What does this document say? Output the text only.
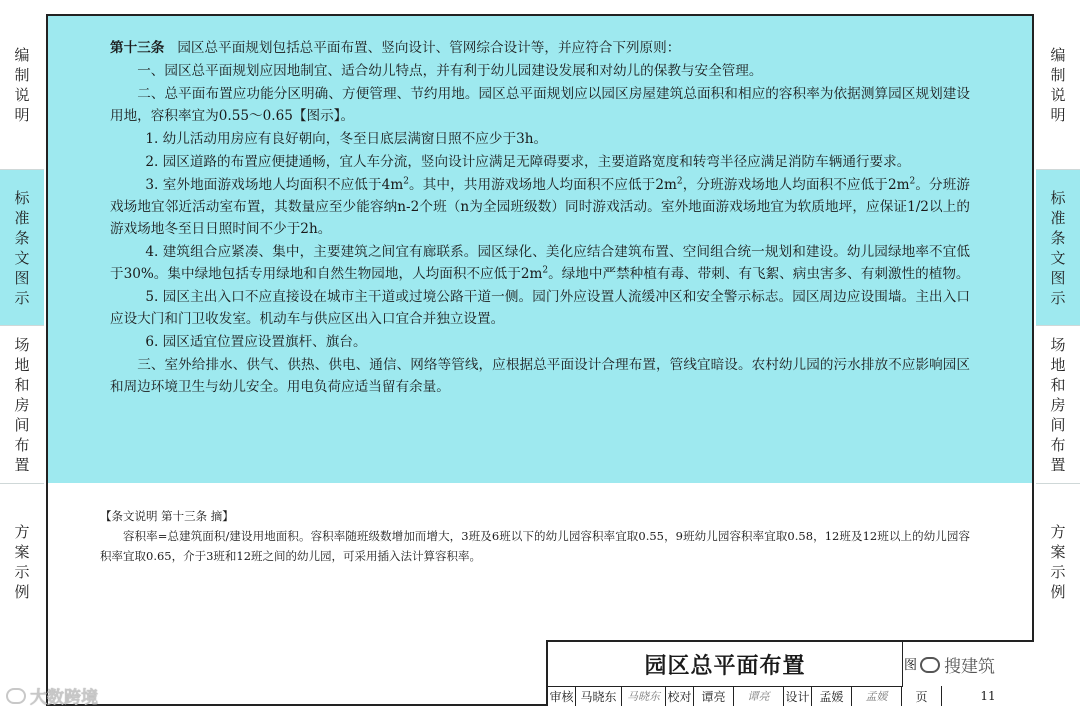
编制说明
标准条文图示
场地和房间布置
方案示例
编制说明
标准条文图示
场地和房间布置
方案示例

第十三条 园区总平面规划包括总平面布置、竖向设计、管网综合设计等，并应符合下列原则：

一、园区总平面规划应因地制宜、适合幼儿特点，并有利于幼儿园建设发展和对幼儿的保教与安全管理。

二、总平面布置应功能分区明确、方便管理、节约用地。园区总平面规划应以园区房屋建筑总面积和相应的容积率为依据测算园区规划建设用地，容积率宜为0.55～0.65【图示】。

1. 幼儿活动用房应有良好朝向，冬至日底层满窗日照不应少于3h。

2. 园区道路的布置应便捷通畅，宜人车分流，竖向设计应满足无障碍要求，主要道路宽度和转弯半径应满足消防车辆通行要求。

3. 室外地面游戏场地人均面积不应低于$4m^2$。其中，共用游戏场地人均面积不应低于$2m^2$，分班游戏场地人均面积不应低于$2m^2$。分班游戏场地宜邻近活动室布置，其数量应至少能容纳n-2个班（n为全园班级数）同时游戏活动。室外地面游戏场地宜为软质地坪，应保证1/2以上的游戏场地冬至日日照时间不少于2h。

4. 建筑组合应紧凑、集中，主要建筑之间宜有廊联系。园区绿化、美化应结合建筑布置、空间组合统一规划和建设。幼儿园绿地率不宜低于30%。集中绿地包括专用绿地和自然生物园地，人均面积不应低于$2m^2$。绿地中严禁种植有毒、带刺、有飞絮、病虫害多、有刺激性的植物。

5. 园区主出入口不应直接设在城市主干道或过境公路干道一侧。园门外应设置人流缓冲区和安全警示标志。园区周边应设围墙。主出入口应设大门和门卫收发室。机动车与供应区出入口宜合并独立设置。

6. 园区适宜位置应设置旗杆、旗台。

三、室外给排水、供气、供热、供电、通信、网络等管线，应根据总平面设计合理布置，管线宜暗设。农村幼儿园的污水排放不应影响园区和周边环境卫生与幼儿安全。用电负荷应适当留有余量。

【条文说明 第十三条 摘】

容积率=总建筑面积/建设用地面积。容积率随班级数增加而增大，3班及6班以下的幼儿园容积率宜取0.55，9班幼儿园容积率宜取0.58，12班及12班以上的幼儿园容积率宜取0.65，介于3班和12班之间的幼儿园，可采用插入法计算容积率。

园区总平面布置	图
审核 马晓东 马晓东 校对 谭亮	谭亮	设计 孟媛	孟媛	页	11
搜建筑
大数跨境
